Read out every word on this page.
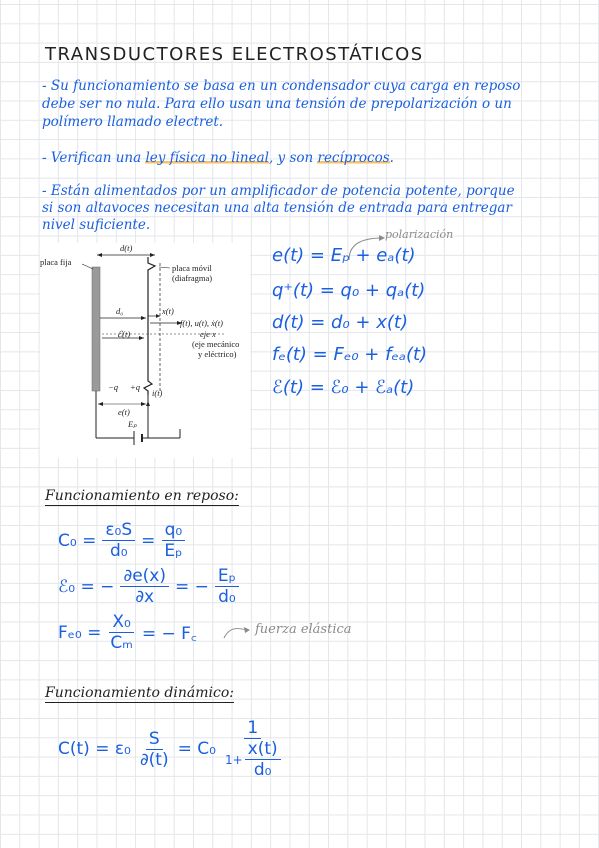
TRANSDUCTORES ELECTROSTÁTICOS
- Su funcionamiento se basa en un condensador cuya carga en reposo
debe ser no nula. Para ello usan una tensión de prepolarización o un
polímero llamado electret.
- Verifican una ley física no lineal, y son recíprocos.
- Están alimentados por un amplificador de potencia potente, porque
si son altavoces necesitan una alta tensión de entrada para entregar
nivel suficiente.
d(t)
placa fija
placa móvil
(diafragma)
d₀	x(t)
f(t), u(t), ẋ(t)
ℰ(t)	eje x
(eje mecánico
y eléctrico)
−q +q
i(t)
e(t)
Eₚ
polarización
e(t) = Eₚ + eₐ(t)
q⁺(t) = q₀ + qₐ(t)
d(t) = d₀ + x(t)
fₑ(t) = Fₑ₀ + fₑₐ(t)
ℰ(t) = ℰ₀ + ℰₐ(t)
Funcionamiento en reposo:
$C_0 = \frac{\text{ε₀S}}{\text{d₀}} = \frac{\text{q₀}}{\text{Eₚ}}$
ℰ₀ = − $\frac{\partial e(x)}{\partial x}$ = − $\frac{\text{Eₚ}}{\text{d₀}}$
$F_{e0} = \frac{\text{X₀}}{\text{Cₘ}}$ = − F꜀	fuerza elástica
Funcionamiento dinámico:
$C(t) = \varepsilon_0 \frac{S}{\partial(t)} = C_0 \frac{1}{1+ \frac{x(t)}{\text{d₀}}}$
